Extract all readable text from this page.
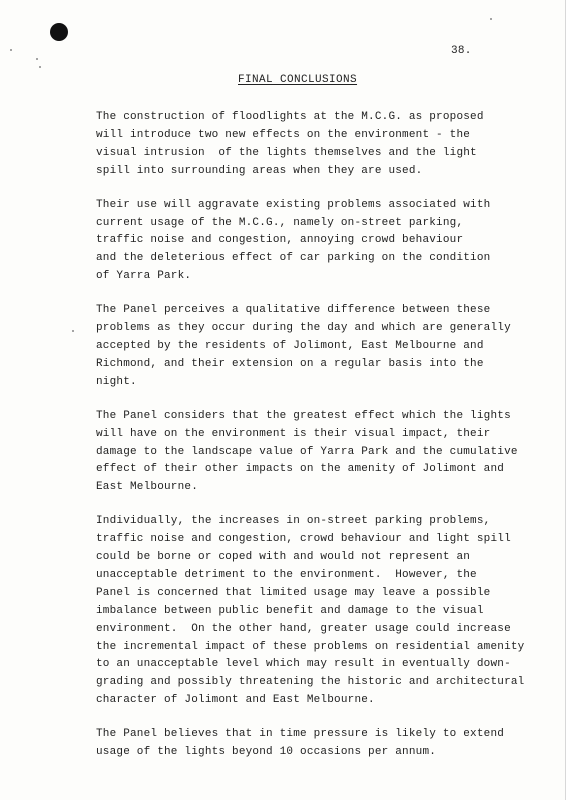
38.
FINAL CONCLUSIONS

The construction of floodlights at the M.C.G. as proposed
will introduce two new effects on the environment - the
visual intrusion  of the lights themselves and the light
spill into surrounding areas when they are used.

Their use will aggravate existing problems associated with
current usage of the M.C.G., namely on-street parking,
traffic noise and congestion, annoying crowd behaviour
and the deleterious effect of car parking on the condition
of Yarra Park.

The Panel perceives a qualitative difference between these
problems as they occur during the day and which are generally
accepted by the residents of Jolimont, East Melbourne and
Richmond, and their extension on a regular basis into the
night.

The Panel considers that the greatest effect which the lights
will have on the environment is their visual impact, their
damage to the landscape value of Yarra Park and the cumulative
effect of their other impacts on the amenity of Jolimont and
East Melbourne.

Individually, the increases in on-street parking problems,
traffic noise and congestion, crowd behaviour and light spill
could be borne or coped with and would not represent an
unacceptable detriment to the environment.  However, the
Panel is concerned that limited usage may leave a possible
imbalance between public benefit and damage to the visual
environment.  On the other hand, greater usage could increase
the incremental impact of these problems on residential amenity
to an unacceptable level which may result in eventually down-
grading and possibly threatening the historic and architectural
character of Jolimont and East Melbourne.

The Panel believes that in time pressure is likely to extend
usage of the lights beyond 10 occasions per annum.
